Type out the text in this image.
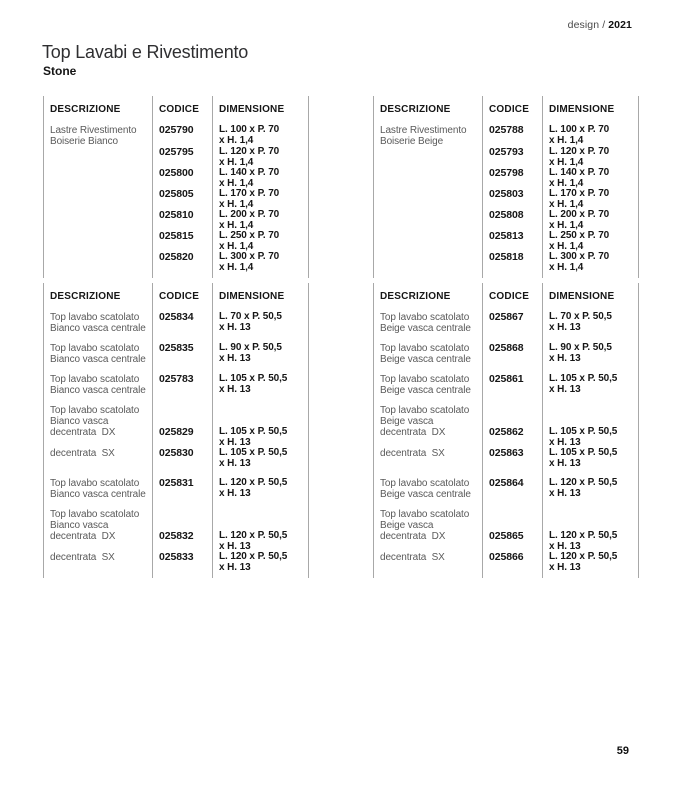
design / 2021
Top Lavabi e Rivestimento
Stone
DESCRIZIONE	CODICE	DIMENSIONE
Lastre Rivestimento
Boiserie Bianco
025790	L. 100 x P. 70
x H. 1,4
025795	L. 120 x P. 70
x H. 1,4
025800	L. 140 x P. 70
x H. 1,4
025805	L. 170 x P. 70
x H. 1,4
025810	L. 200 x P. 70
x H. 1,4
025815	L. 250 x P. 70
x H. 1,4
025820	L. 300 x P. 70
x H. 1,4
DESCRIZIONE	CODICE	DIMENSIONE
Lastre Rivestimento
Boiserie Beige
025788	L. 100 x P. 70
x H. 1,4
025793	L. 120 x P. 70
x H. 1,4
025798	L. 140 x P. 70
x H. 1,4
025803	L. 170 x P. 70
x H. 1,4
025808	L. 200 x P. 70
x H. 1,4
025813	L. 250 x P. 70
x H. 1,4
025818	L. 300 x P. 70
x H. 1,4
DESCRIZIONE	CODICE	DIMENSIONE
Top lavabo scatolato
Bianco vasca centrale
025834	L. 70 x P. 50,5
x H. 13
Top lavabo scatolato
Bianco vasca centrale
025835	L. 90 x P. 50,5
x H. 13
Top lavabo scatolato
Bianco vasca centrale
025783	L. 105 x P. 50,5
x H. 13
Top lavabo scatolato
Bianco vasca
decentrata  DX	025829	L. 105 x P. 50,5
x H. 13
decentrata  SX	025830	L. 105 x P. 50,5
x H. 13
Top lavabo scatolato
Bianco vasca centrale
025831	L. 120 x P. 50,5
x H. 13
Top lavabo scatolato
Bianco vasca
decentrata  DX	025832	L. 120 x P. 50,5
x H. 13
decentrata  SX	025833	L. 120 x P. 50,5
x H. 13
DESCRIZIONE	CODICE	DIMENSIONE
Top lavabo scatolato
Beige vasca centrale
025867	L. 70 x P. 50,5
x H. 13
Top lavabo scatolato
Beige vasca centrale
025868	L. 90 x P. 50,5
x H. 13
Top lavabo scatolato
Beige vasca centrale
025861	L. 105 x P. 50,5
x H. 13
Top lavabo scatolato
Beige vasca
decentrata  DX	025862	L. 105 x P. 50,5
x H. 13
decentrata  SX	025863	L. 105 x P. 50,5
x H. 13
Top lavabo scatolato
Beige vasca centrale
025864	L. 120 x P. 50,5
x H. 13
Top lavabo scatolato
Beige vasca
decentrata  DX	025865	L. 120 x P. 50,5
x H. 13
decentrata  SX	025866	L. 120 x P. 50,5
x H. 13
59
